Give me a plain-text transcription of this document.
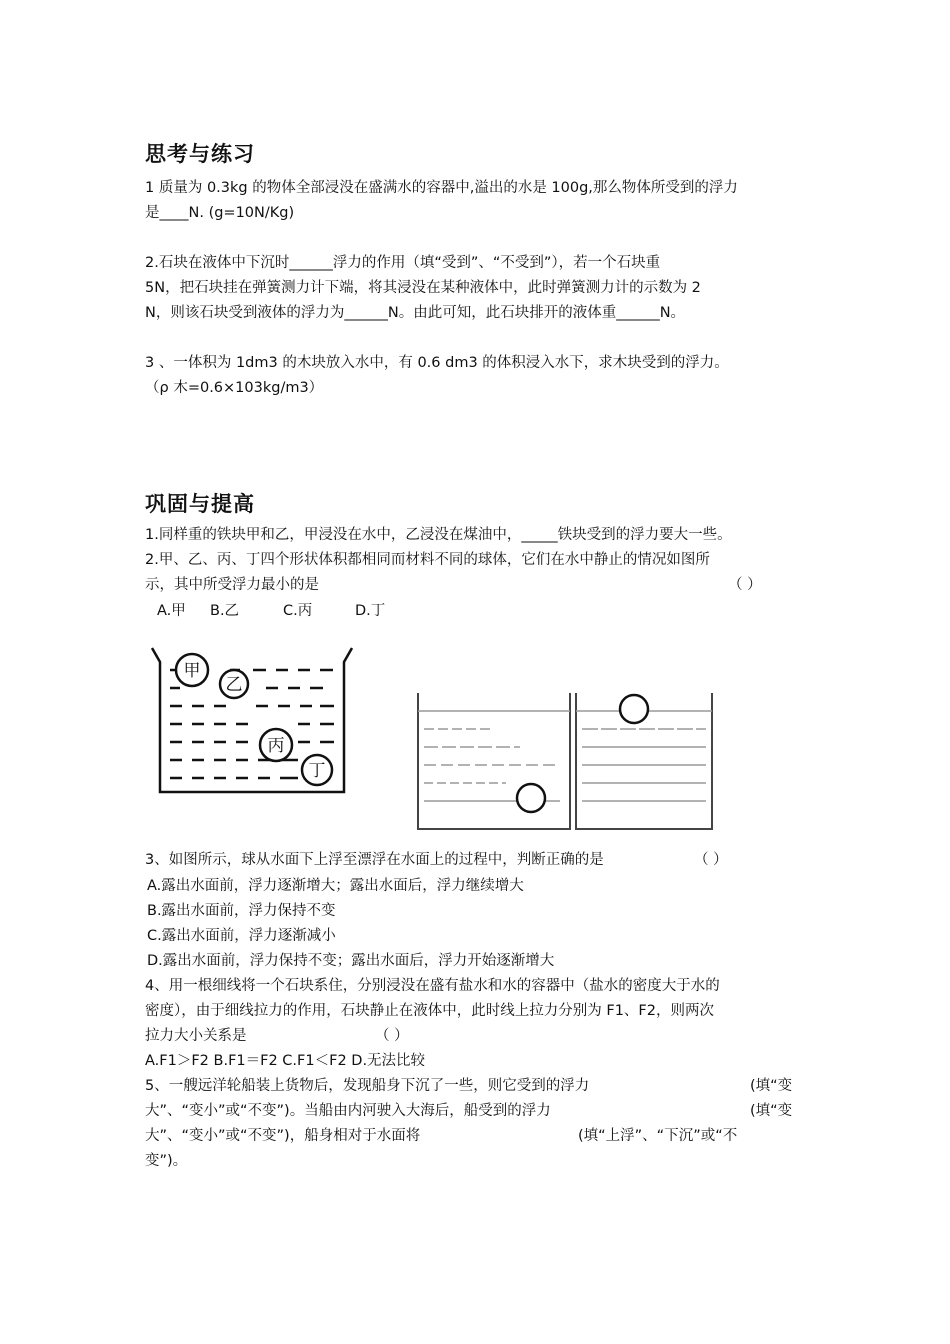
思考与练习
1 质量为 0.3kg 的物体全部浸没在盛满水的容器中,溢出的水是 100g,那么物体所受到的浮力
是____N. (g=10N/Kg)
2.石块在液体中下沉时______浮力的作用（填“受到”、“不受到”），若一个石块重
5N，把石块挂在弹簧测力计下端，将其浸没在某种液体中，此时弹簧测力计的示数为 2
N，则该石块受到液体的浮力为______N。由此可知，此石块排开的液体重______N。
3 、一体积为 1dm3 的木块放入水中，有 0.6 dm3 的体积浸入水下，求木块受到的浮力。
（ρ 木=0.6×103kg/m3）
巩固与提高
1.同样重的铁块甲和乙，甲浸没在水中，乙浸没在煤油中，_____铁块受到的浮力要大一些。
2.甲、乙、丙、丁四个形状体积都相同而材料不同的球体，它们在水中静止的情况如图所
示，其中所受浮力最小的是	（ ）
A.甲 B.乙	C.丙	D.丁
甲
乙
丙
丁
3、如图所示，球从水面下上浮至漂浮在水面上的过程中，判断正确的是	（ ）
A.露出水面前，浮力逐渐增大；露出水面后，浮力继续增大
B.露出水面前，浮力保持不变
C.露出水面前，浮力逐渐减小
D.露出水面前，浮力保持不变；露出水面后，浮力开始逐渐增大
4、用一根细线将一个石块系住，分别浸没在盛有盐水和水的容器中（盐水的密度大于水的
密度），由于细线拉力的作用，石块静止在液体中，此时线上拉力分别为 F1、F2，则两次
拉力大小关系是	（ ）
A.F1＞F2 B.F1＝F2 C.F1＜F2 D.无法比较
5、一艘远洋轮船装上货物后，发现船身下沉了一些，则它受到的浮力	(填“变
大”、“变小”或“不变”)。当船由内河驶入大海后，船受到的浮力	(填“变
大”、“变小”或“不变”)，船身相对于水面将	(填“上浮”、“下沉”或“不
变”)。
